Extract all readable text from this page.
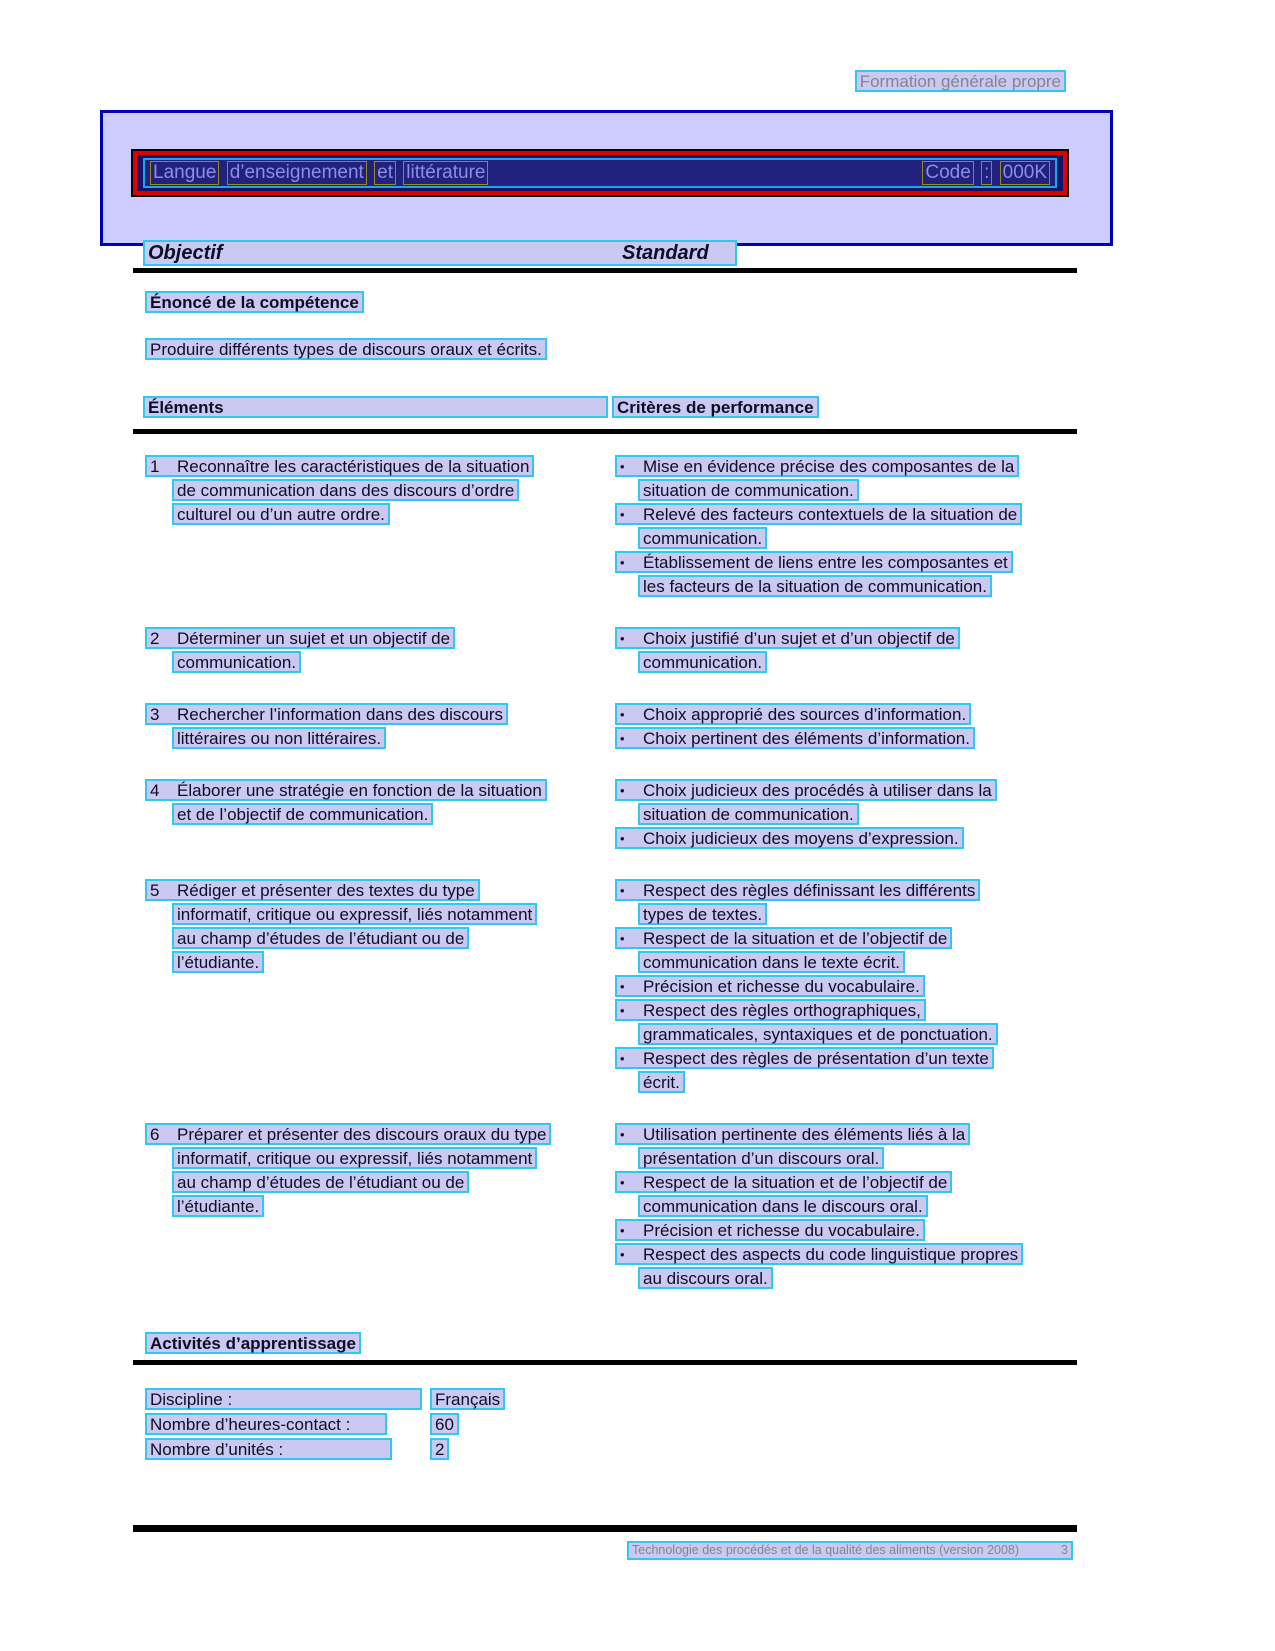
Formation générale propre
Langue d’enseignement et littérature	Code : 000K
Objectif	Standard
Énoncé de la compétence
Produire différents types de discours oraux et écrits.
Éléments	Critères de performance
1 Reconnaître les caractéristiques de la situation
de communication dans des discours d’ordre
culturel ou d’un autre ordre.
• Mise en évidence précise des composantes de la
situation de communication.
• Relevé des facteurs contextuels de la situation de
communication.
• Établissement de liens entre les composantes et
les facteurs de la situation de communication.
2 Déterminer un sujet et un objectif de
communication.
• Choix justifié d’un sujet et d’un objectif de
communication.
3 Rechercher l’information dans des discours
littéraires ou non littéraires.
• Choix approprié des sources d’information.
• Choix pertinent des éléments d’information.
4 Élaborer une stratégie en fonction de la situation
et de l’objectif de communication.
• Choix judicieux des procédés à utiliser dans la
situation de communication.
• Choix judicieux des moyens d’expression.
5 Rédiger et présenter des textes du type
informatif, critique ou expressif, liés notamment
au champ d’études de l’étudiant ou de
l’étudiante.
• Respect des règles définissant les différents
types de textes.
• Respect de la situation et de l’objectif de
communication dans le texte écrit.
• Précision et richesse du vocabulaire.
• Respect des règles orthographiques,
grammaticales, syntaxiques et de ponctuation.
• Respect des règles de présentation d’un texte
écrit.
6 Préparer et présenter des discours oraux du type
informatif, critique ou expressif, liés notamment
au champ d’études de l’étudiant ou de
l’étudiante.
• Utilisation pertinente des éléments liés à la
présentation d’un discours oral.
• Respect de la situation et de l’objectif de
communication dans le discours oral.
• Précision et richesse du vocabulaire.
• Respect des aspects du code linguistique propres
au discours oral.
Activités d’apprentissage
Discipline :	Français
Nombre d’heures-contact :	60
Nombre d’unités :	2
Technologie des procédés et de la qualité des aliments (version 2008)	3
